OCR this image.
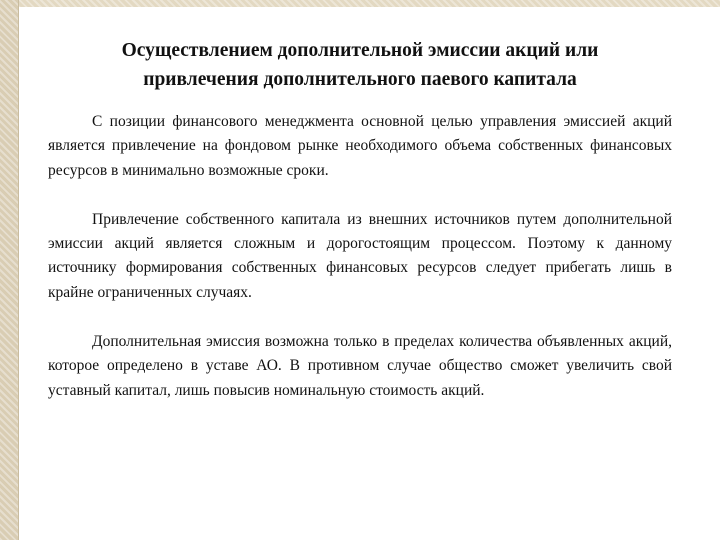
Осуществлением дополнительной эмиссии акций или
привлечения дополнительного паевого капитала

С позиции финансового менеджмента основной целью управления эмиссией акций является привлечение на фондовом рынке необходимого объема собственных финансовых ресурсов в минимально возможные сроки.

Привлечение собственного капитала из внешних источников путем дополнительной эмиссии акций является сложным и дорогостоящим процессом. Поэтому к данному источнику формирования собственных финансовых ресурсов следует прибегать лишь в крайне ограниченных случаях.

Дополнительная эмиссия возможна только в пределах количества объявленных акций, которое определено в уставе АО. В противном случае общество сможет увеличить свой уставный капитал, лишь повысив номинальную стоимость акций.
